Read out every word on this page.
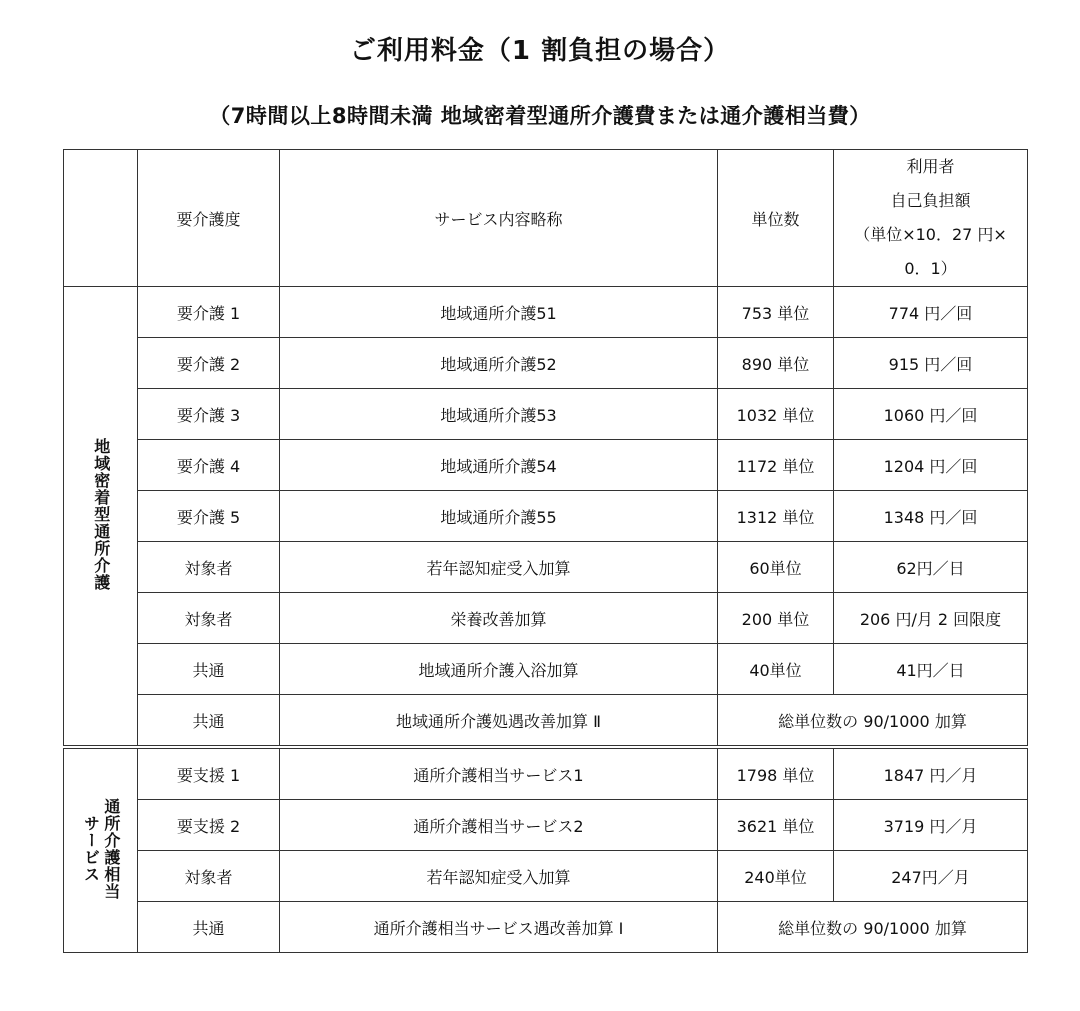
ご利用料金（1 割負担の場合）
（7時間以上8時間未満 地域密着型通所介護費または通介護相当費）
	要介護度	サービス内容略称	単位数	利用者
自己負担額
（単位×10．27 円×
0．1）

地域密着型通所介護	要介護 1	地域通所介護51	753 単位	774 円／回
	要介護 2	地域通所介護52	890 単位	915 円／回
	要介護 3	地域通所介護53	1032 単位	1060 円／回
	要介護 4	地域通所介護54	1172 単位	1204 円／回
	要介護 5	地域通所介護55	1312 単位	1348 円／回
	対象者	若年認知症受入加算	60単位	62円／日
	対象者	栄養改善加算	200 単位	206 円/月 2 回限度
	共通	地域通所介護入浴加算	40単位	41円／日
	共通	地域通所介護処遇改善加算 Ⅱ	総単位数の 90/1000 加算	

通所介護相当
サービス	要支援 1	通所介護相当サービス1	1798 単位	1847 円／月
	要支援 2	通所介護相当サービス2	3621 単位	3719 円／月
	対象者	若年認知症受入加算	240単位	247円／月
	共通	通所介護相当サービス遇改善加算 Ⅰ	総単位数の 90/1000 加算	
